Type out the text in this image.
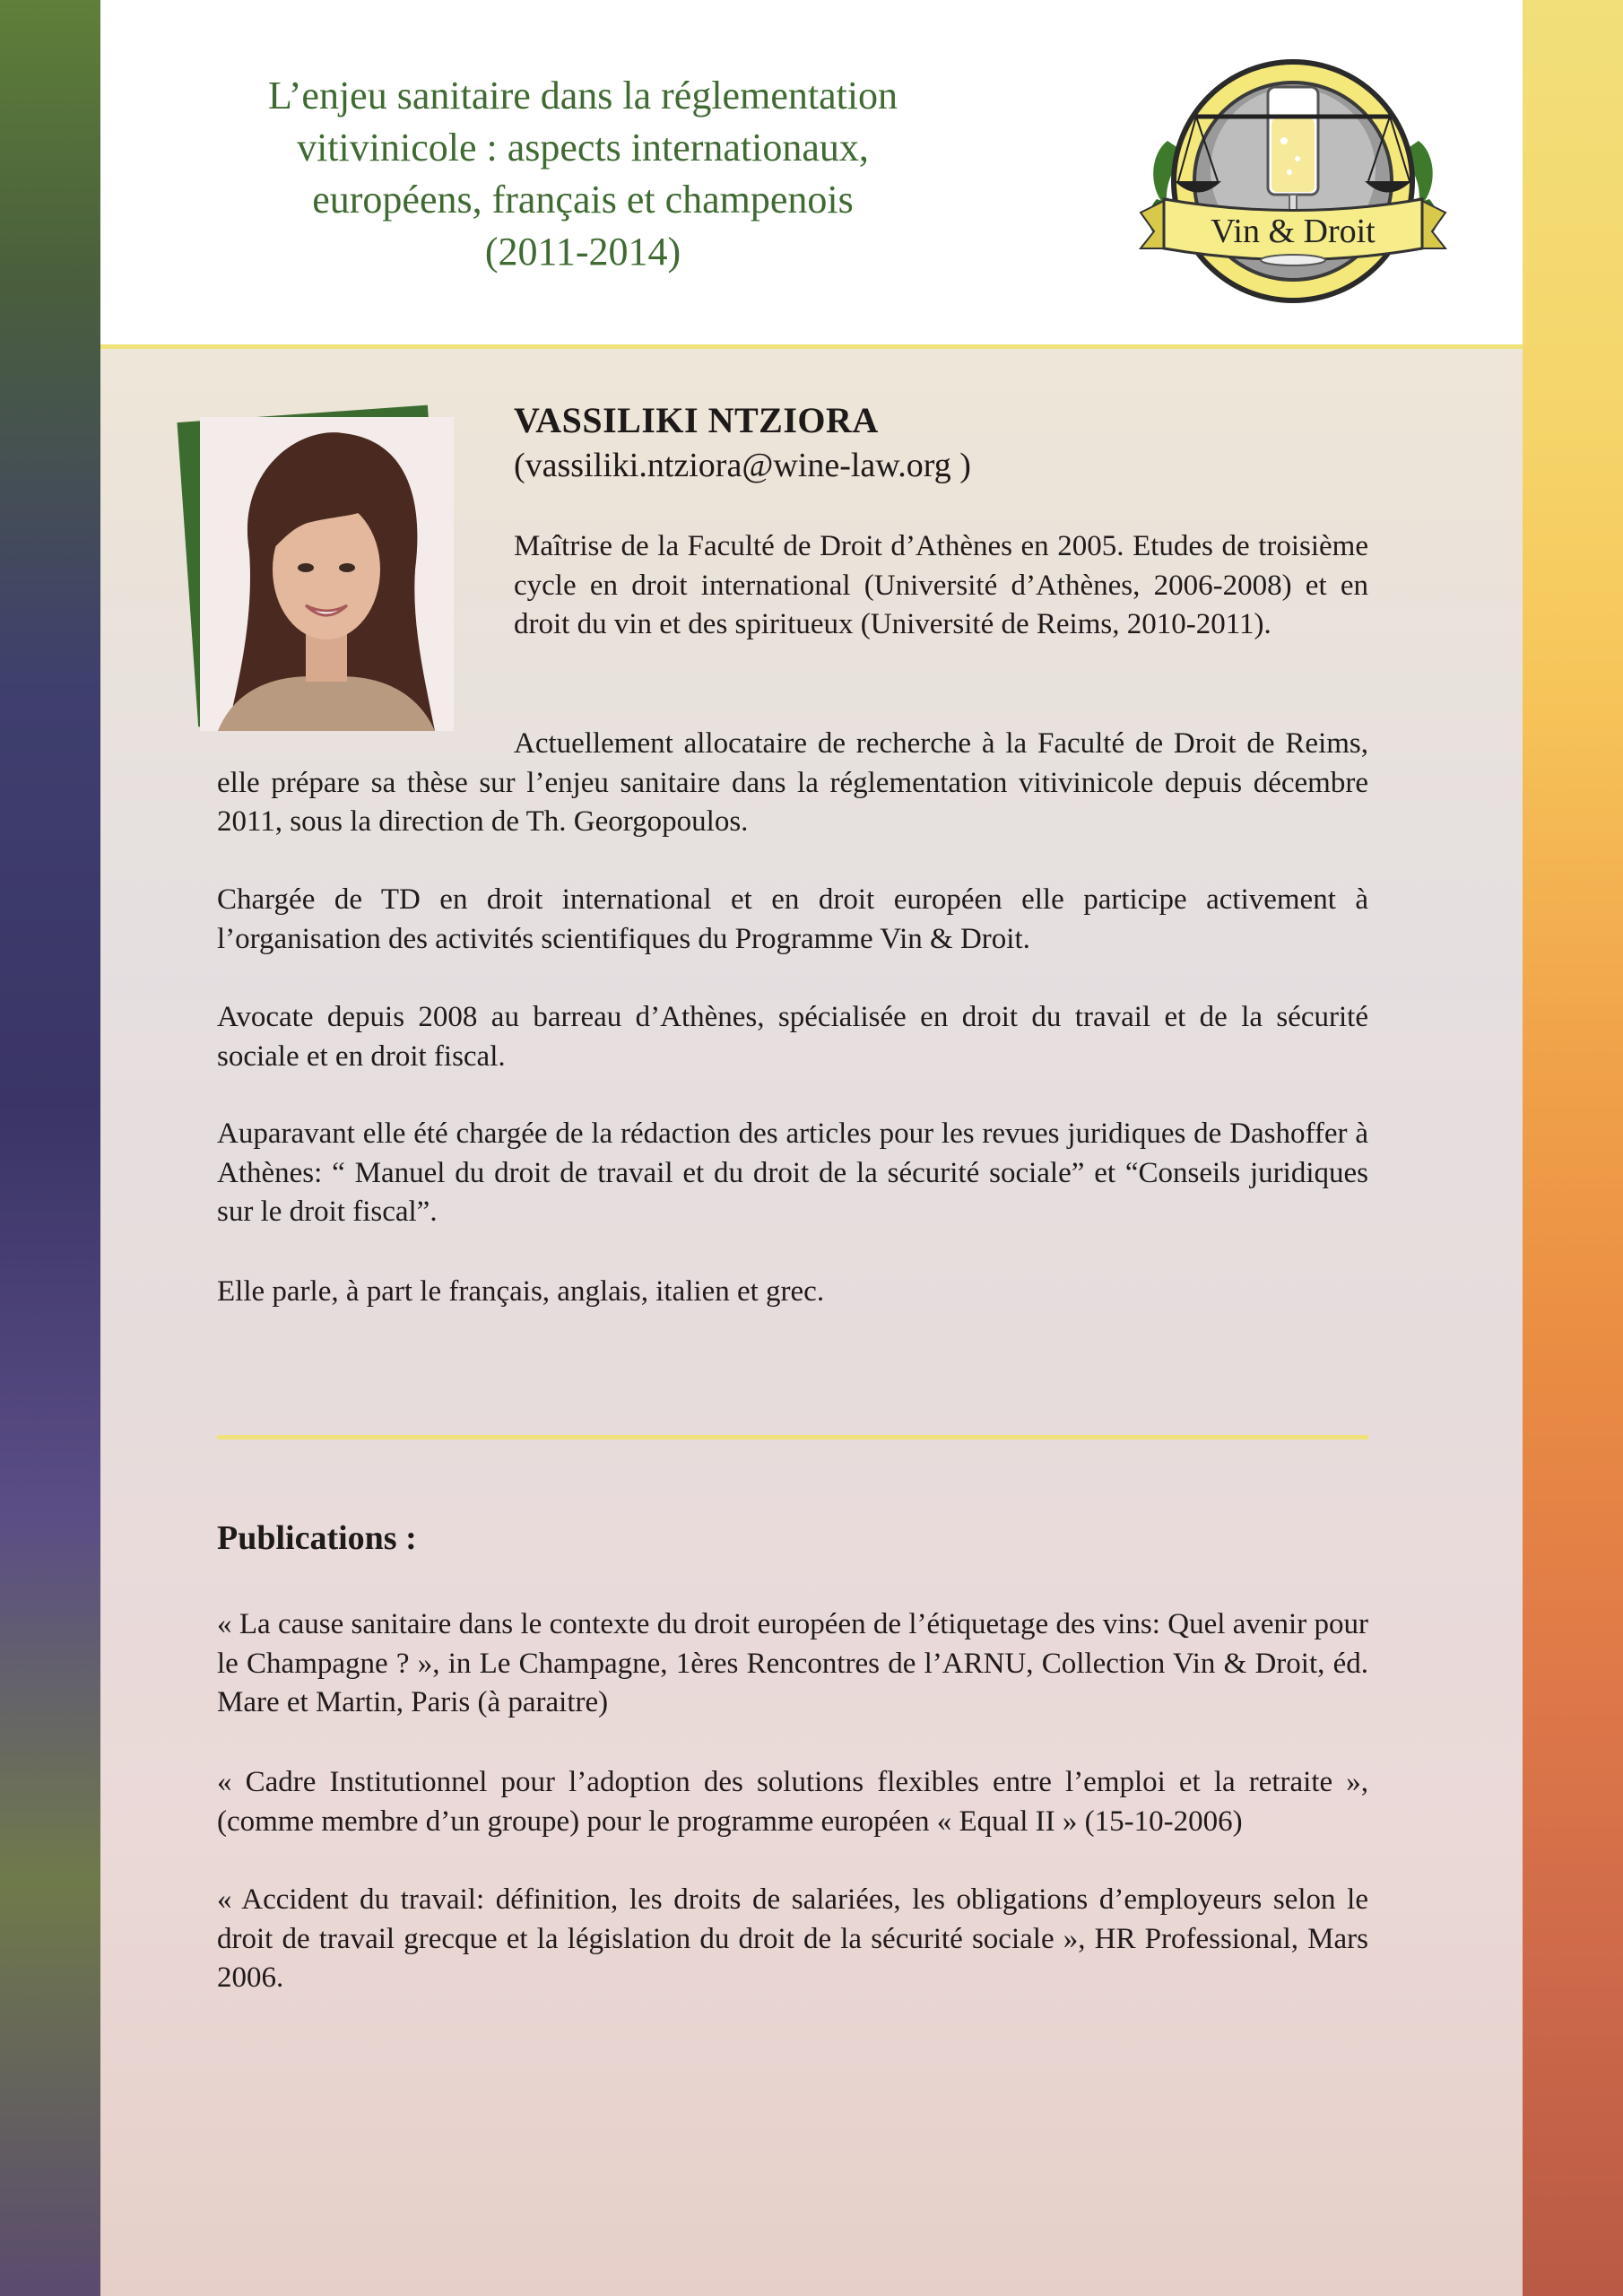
L’enjeu sanitaire dans la réglementation
vitivinicole : aspects internationaux,
européens, français et champenois
(2011-2014)	Vin & Droit
VASSILIKI NTZIORA
(vassiliki.ntziora@wine-law.org )

Maîtrise de la Faculté de Droit d’Athènes en 2005. Etudes de troisième cycle en droit international (Université d’Athènes, 2006-2008) et en droit du vin et des spiritueux (Université de Reims, 2010-2011).

Actuellement allocataire de recherche à la Faculté de Droit de Reims, elle prépare sa thèse sur l’enjeu sanitaire dans la réglementation vitivinicole depuis décembre 2011, sous la direction de Th. Georgopoulos.

Chargée de TD en droit international et en droit européen elle participe activement à l’organisation des activités scientifiques du Programme Vin & Droit.

Avocate depuis 2008 au barreau d’Athènes, spécialisée en droit du travail et de la sécurité sociale et en droit fiscal.

Auparavant elle été chargée de la rédaction des articles pour les revues juridiques de Dashoffer à Athènes: “ Manuel du droit de travail et du droit de la sécurité sociale” et “Conseils juridiques sur le droit fiscal”.

Elle parle, à part le français, anglais, italien et grec.

Publications :

« La cause sanitaire dans le contexte du droit européen de l’étiquetage des vins: Quel avenir pour le Champagne ? », in Le Champagne, 1ères Rencontres de l’ARNU, Collection Vin & Droit, éd. Mare et Martin, Paris (à paraitre)

« Cadre Institutionnel pour l’adoption des solutions flexibles entre l’emploi et la retraite », (comme membre d’un groupe) pour le programme européen « Equal II » (15-10-2006)

« Accident du travail: définition, les droits de salariées, les obligations d’employeurs selon le droit de travail grecque et la législation du droit de la sécurité sociale », HR Professional, Mars 2006.
